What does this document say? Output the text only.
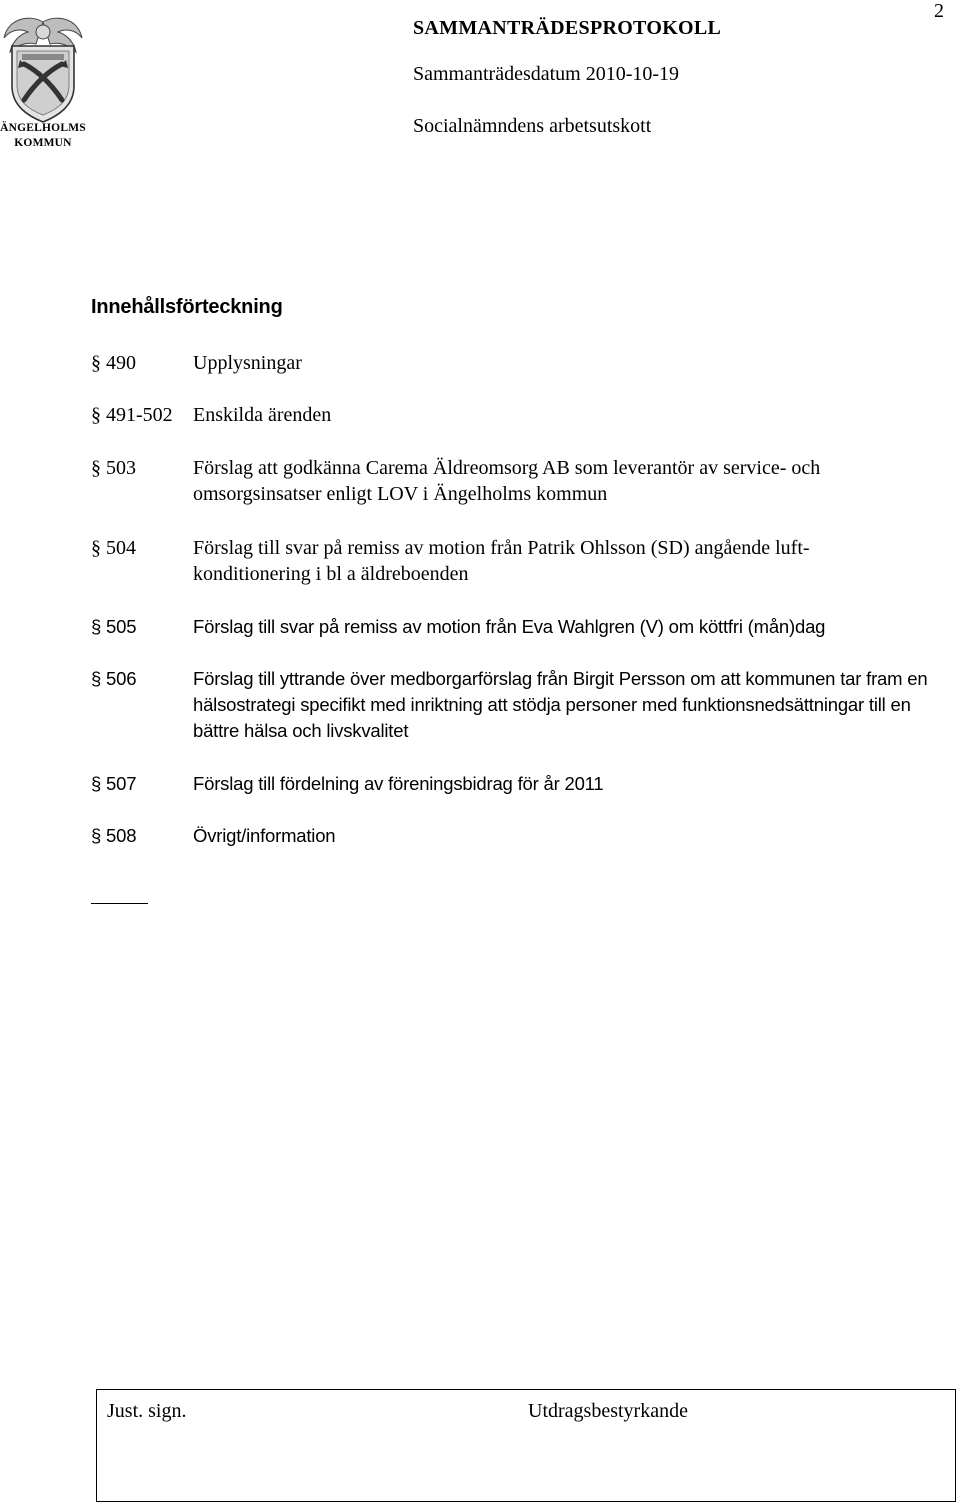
2
ÄNGELHOLMS
KOMMUN
SAMMANTRÄDESPROTOKOLL
Sammanträdesdatum 2010-10-19
Socialnämndens arbetsutskott
Innehållsförteckning
§ 490	Upplysningar
§ 491-502 Enskilda ärenden
§ 503	Förslag att godkänna Carema Äldreomsorg AB som leverantör av service- och omsorgsinsatser enligt LOV i Ängelholms kommun
§ 504	Förslag till svar på remiss av motion från Patrik Ohlsson (SD) angående luft-konditionering i bl a äldreboenden
§ 505	Förslag till svar på remiss av motion från Eva Wahlgren (V) om köttfri (mån)dag
§ 506	Förslag till yttrande över medborgarförslag från Birgit Persson om att kommunen tar fram en hälsostrategi specifikt med inriktning att stödja personer med funktionsnedsättningar till en bättre hälsa och livskvalitet
§ 507	Förslag till fördelning av föreningsbidrag för år 2011
§ 508	Övrigt/information
Just. sign.	Utdragsbestyrkande
